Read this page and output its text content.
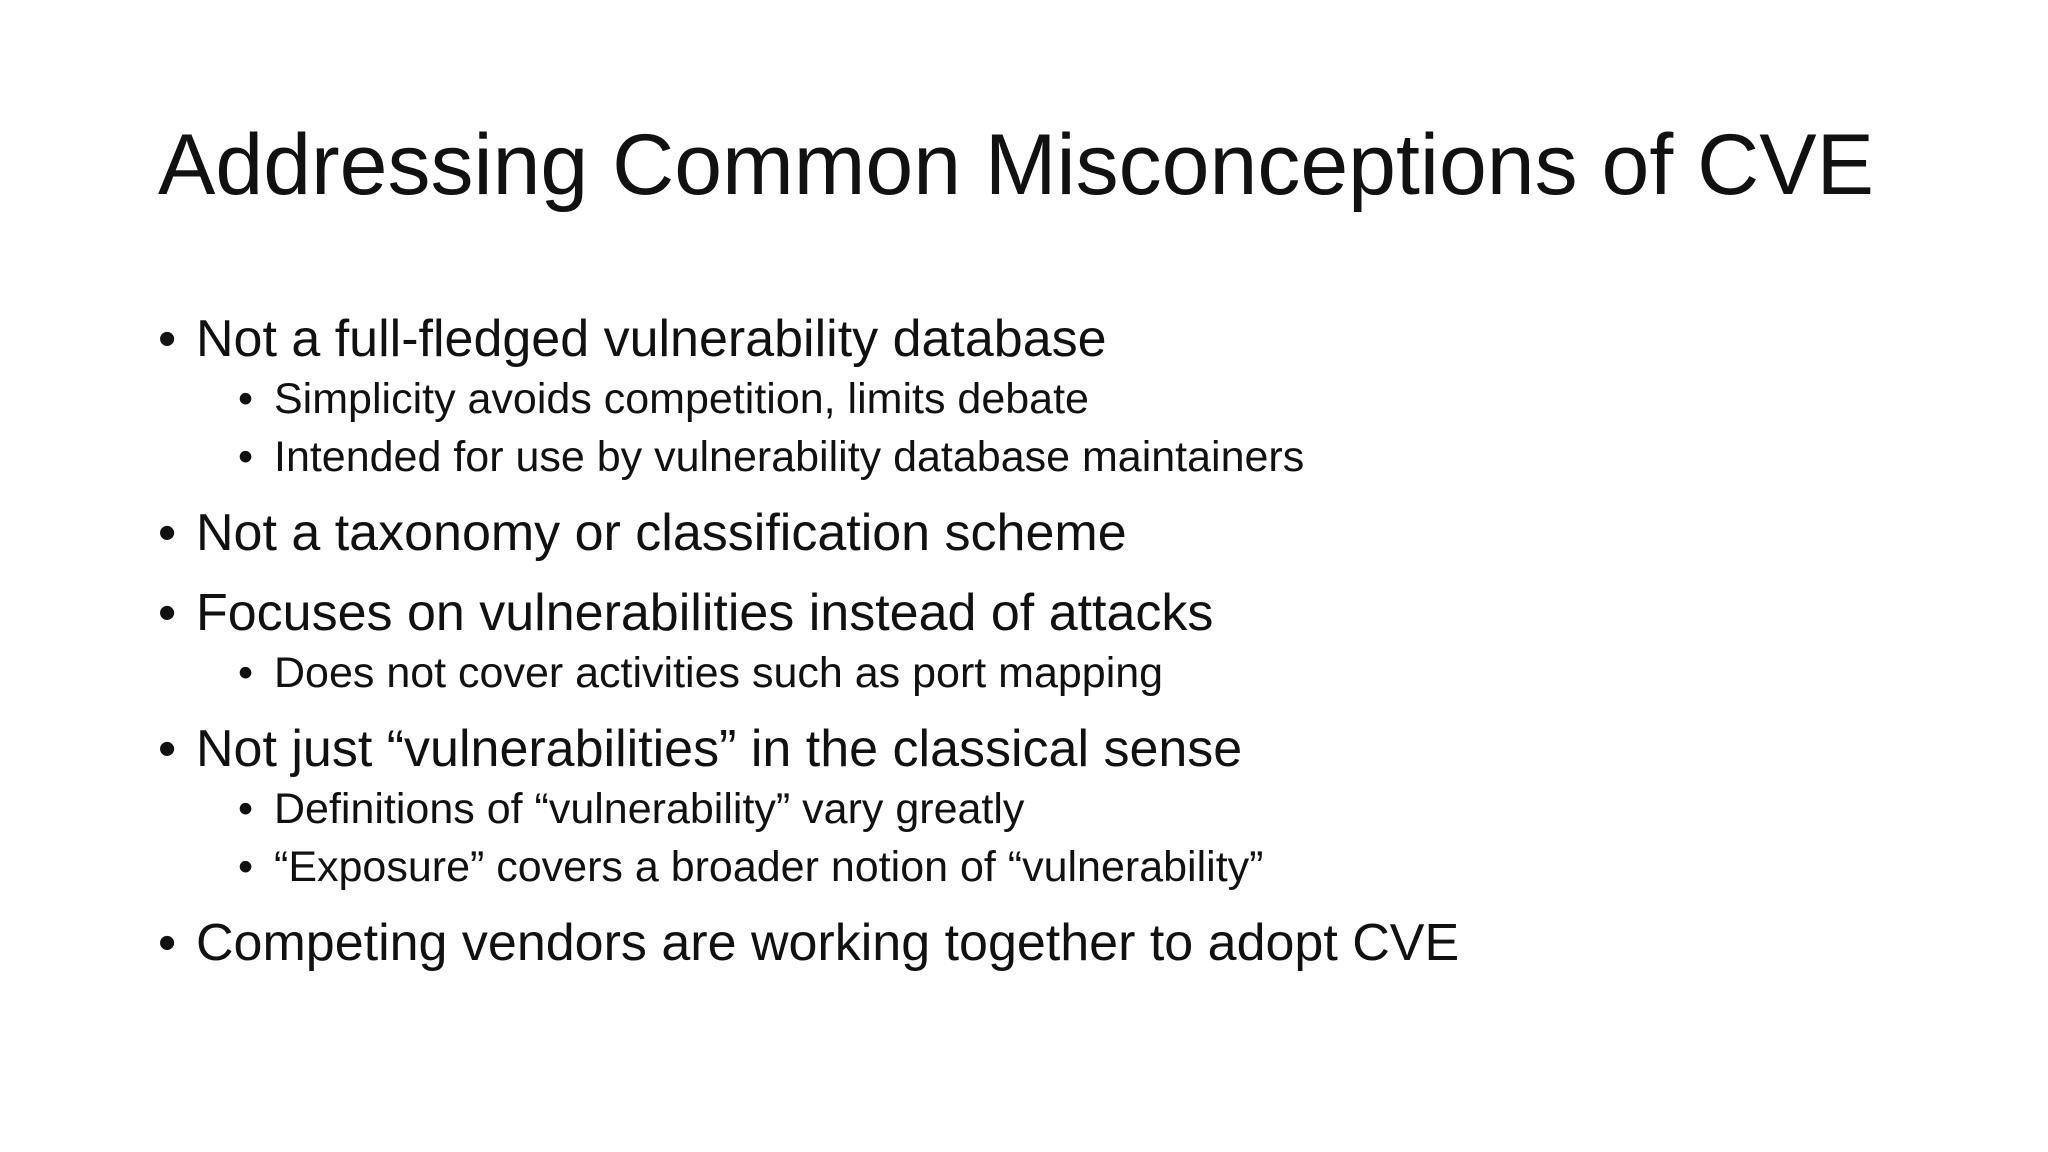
Addressing Common Misconceptions of CVE
• Not a full-fledged vulnerability database
• Simplicity avoids competition, limits debate
• Intended for use by vulnerability database maintainers
• Not a taxonomy or classification scheme
• Focuses on vulnerabilities instead of attacks
• Does not cover activities such as port mapping
• Not just “vulnerabilities” in the classical sense
• Definitions of “vulnerability” vary greatly
• “Exposure” covers a broader notion of “vulnerability”
• Competing vendors are working together to adopt CVE
